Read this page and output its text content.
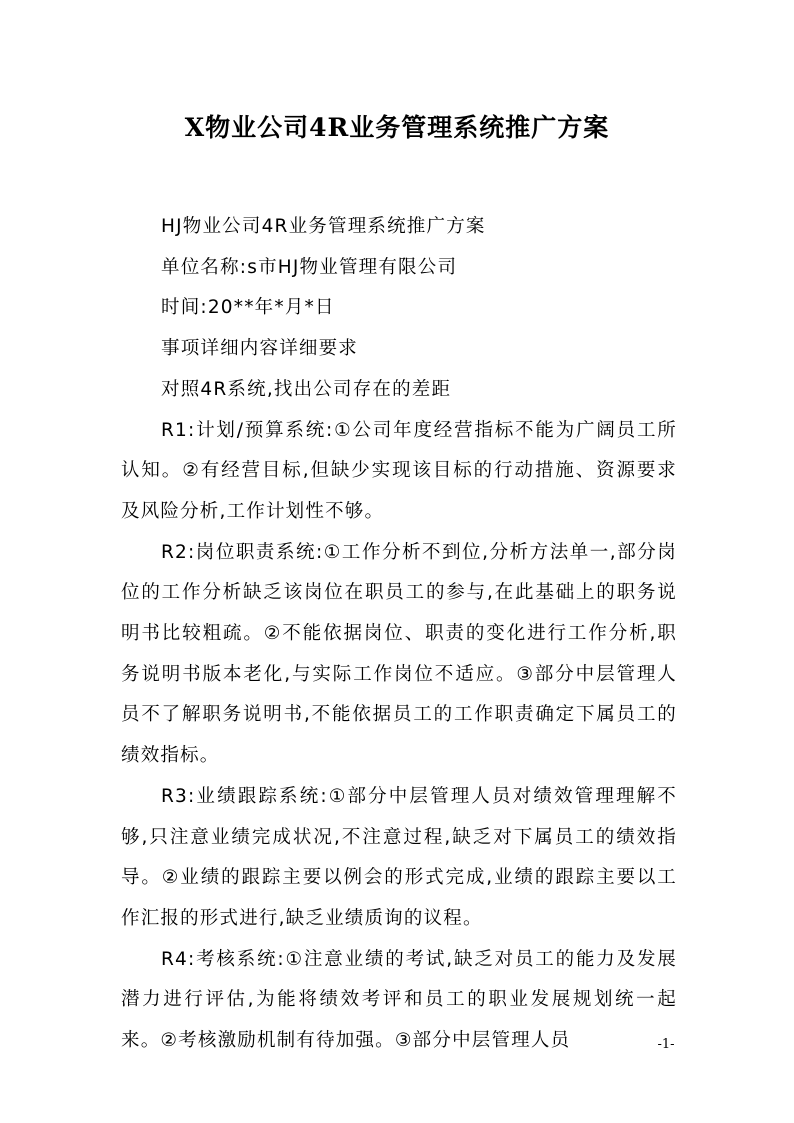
X物业公司4R业务管理系统推广方案

HJ物业公司4R业务管理系统推广方案

单位名称:s市HJ物业管理有限公司

时间:20**年*月*日

事项详细内容详细要求

对照4R系统,找出公司存在的差距

R1:计划/预算系统:①公司年度经营指标不能为广阔员工所认知。②有经营目标,但缺少实现该目标的行动措施、资源要求及风险分析,工作计划性不够。

R2:岗位职责系统:①工作分析不到位,分析方法单一,部分岗位的工作分析缺乏该岗位在职员工的参与,在此基础上的职务说明书比较粗疏。②不能依据岗位、职责的变化进行工作分析,职务说明书版本老化,与实际工作岗位不适应。③部分中层管理人员不了解职务说明书,不能依据员工的工作职责确定下属员工的绩效指标。

R3:业绩跟踪系统:①部分中层管理人员对绩效管理理解不够,只注意业绩完成状况,不注意过程,缺乏对下属员工的绩效指导。②业绩的跟踪主要以例会的形式完成,业绩的跟踪主要以工作汇报的形式进行,缺乏业绩质询的议程。

R4:考核系统:①注意业绩的考试,缺乏对员工的能力及发展潜力进行评估,为能将绩效考评和员工的职业发展规划统一起来。②考核激励机制有待加强。③部分中层管理人员	-1-
